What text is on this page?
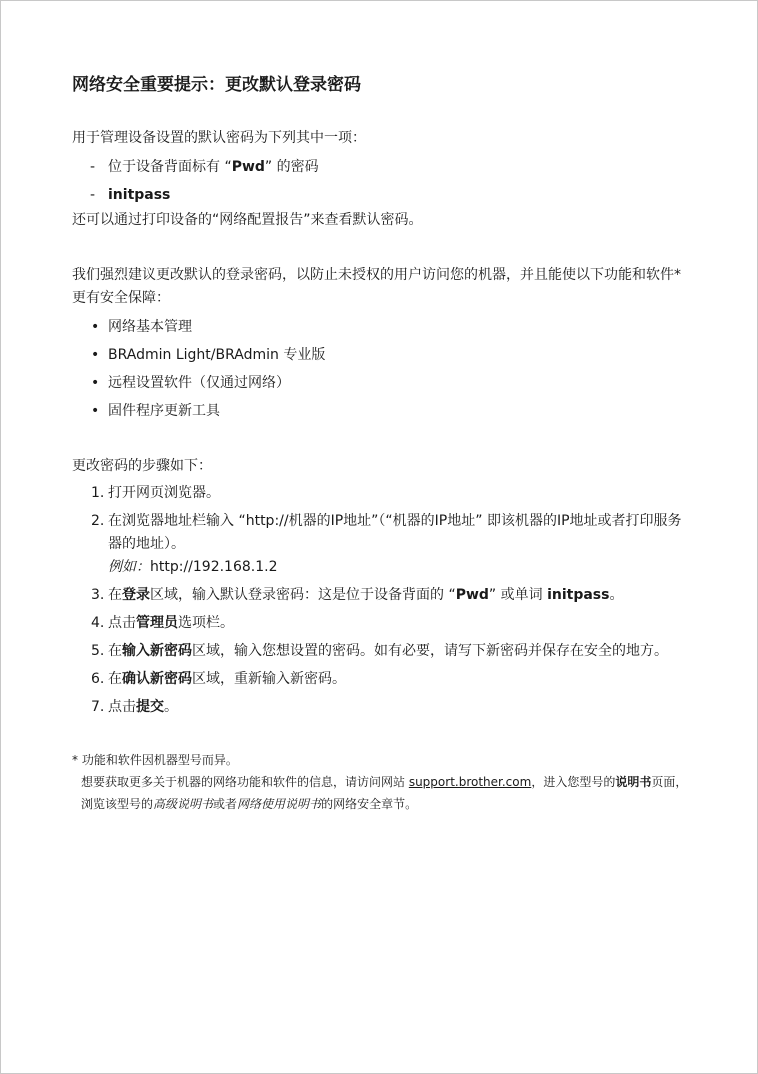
网络安全重要提示：更改默认登录密码

用于管理设备设置的默认密码为下列其中一项：

- 位于设备背面标有 “Pwd” 的密码
- initpass

还可以通过打印设备的“网络配置报告”来查看默认密码。

我们强烈建议更改默认的登录密码，以防止未授权的用户访问您的机器，并且能使以下功能和软件*更有安全保障：

• 网络基本管理
• BRAdmin Light/BRAdmin 专业版
• 远程设置软件（仅通过网络）
• 固件程序更新工具

更改密码的步骤如下：

1. 打开网页浏览器。
2. 在浏览器地址栏输入 “http://机器的IP地址”（“机器的IP地址” 即该机器的IP地址或者打印服务器的地址）。
例如：http://192.168.1.2
3. 在登录区域，输入默认登录密码：这是位于设备背面的 “Pwd” 或单词 initpass。
4. 点击管理员选项栏。
5. 在输入新密码区域，输入您想设置的密码。如有必要，请写下新密码并保存在安全的地方。
6. 在确认新密码区域，重新输入新密码。
7. 点击提交。
* 功能和软件因机器型号而异。
想要获取更多关于机器的网络功能和软件的信息，请访问网站 support.brother.com，进入您型号的说明书页面，浏览该型号的高级说明书或者网络使用说明书的网络安全章节。
